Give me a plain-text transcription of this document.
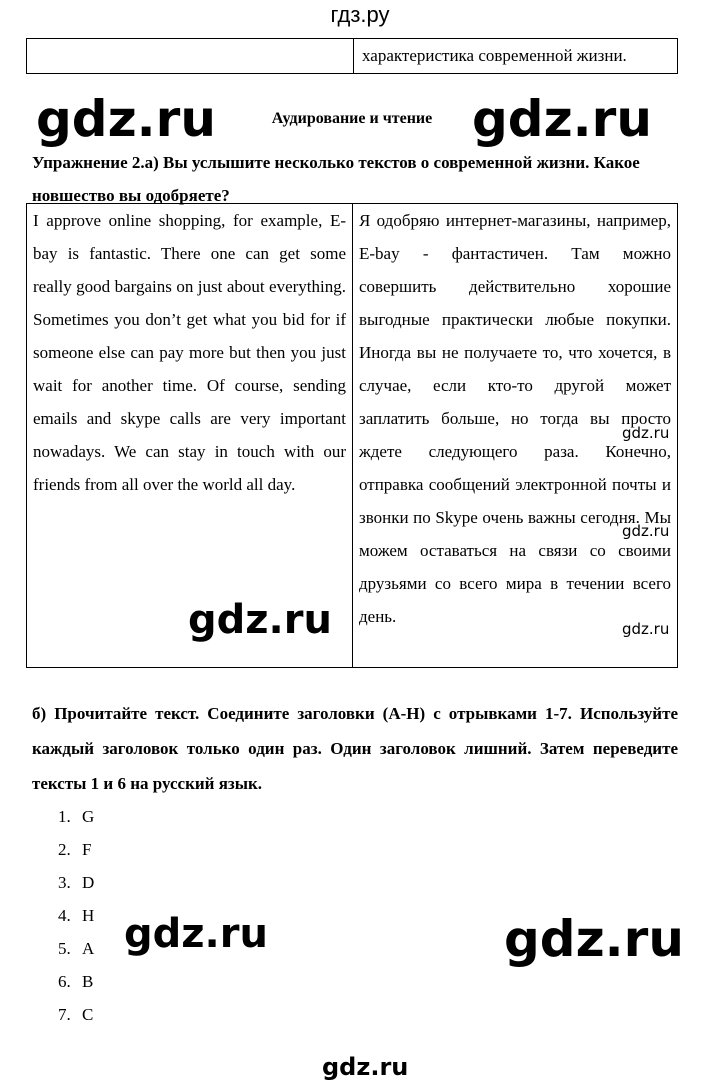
гдз.ру
	характеристика современной жизни.
gdz.ru	Аудирование и чтение gdz.ru
Упражнение 2.а) Вы услышите несколько текстов о современной жизни. Какое новшество вы одобряете?
I approve online shopping, for example, E-bay is fantastic. There one can get some really good bargains on just about everything. Sometimes you don’t get what you bid for if someone else can pay more but then you just wait for another time. Of course, sending emails and skype calls are very important nowadays. We can stay in touch with our friends from all over the world all day.	Я одобряю интернет-магазины, например, E-bay - фантастичен. Там можно совершить действительно хорошие выгодные практически любые покупки. Иногда вы не получаете то, что хочется, в случае, если кто-то другой может заплатить больше, но тогда вы просто ждете следующего раза. Конечно, отправка сообщений электронной почты и звонки по Skype очень важны сегодня. Мы можем оставаться на связи со своими друзьями со всего мира в течении всего день.
gdz.ru
gdz.ru
gdz.ru	gdz.ru
б) Прочитайте текст. Соедините заголовки (A-H) с отрывками 1-7. Используйте каждый заголовок только один раз. Один заголовок лишний. Затем переведите тексты 1 и 6 на русский язык.
1. G
2. F
3. D
4. H
5. A
6. B
7. C
gdz.ru	gdz.ru
gdz.ru
